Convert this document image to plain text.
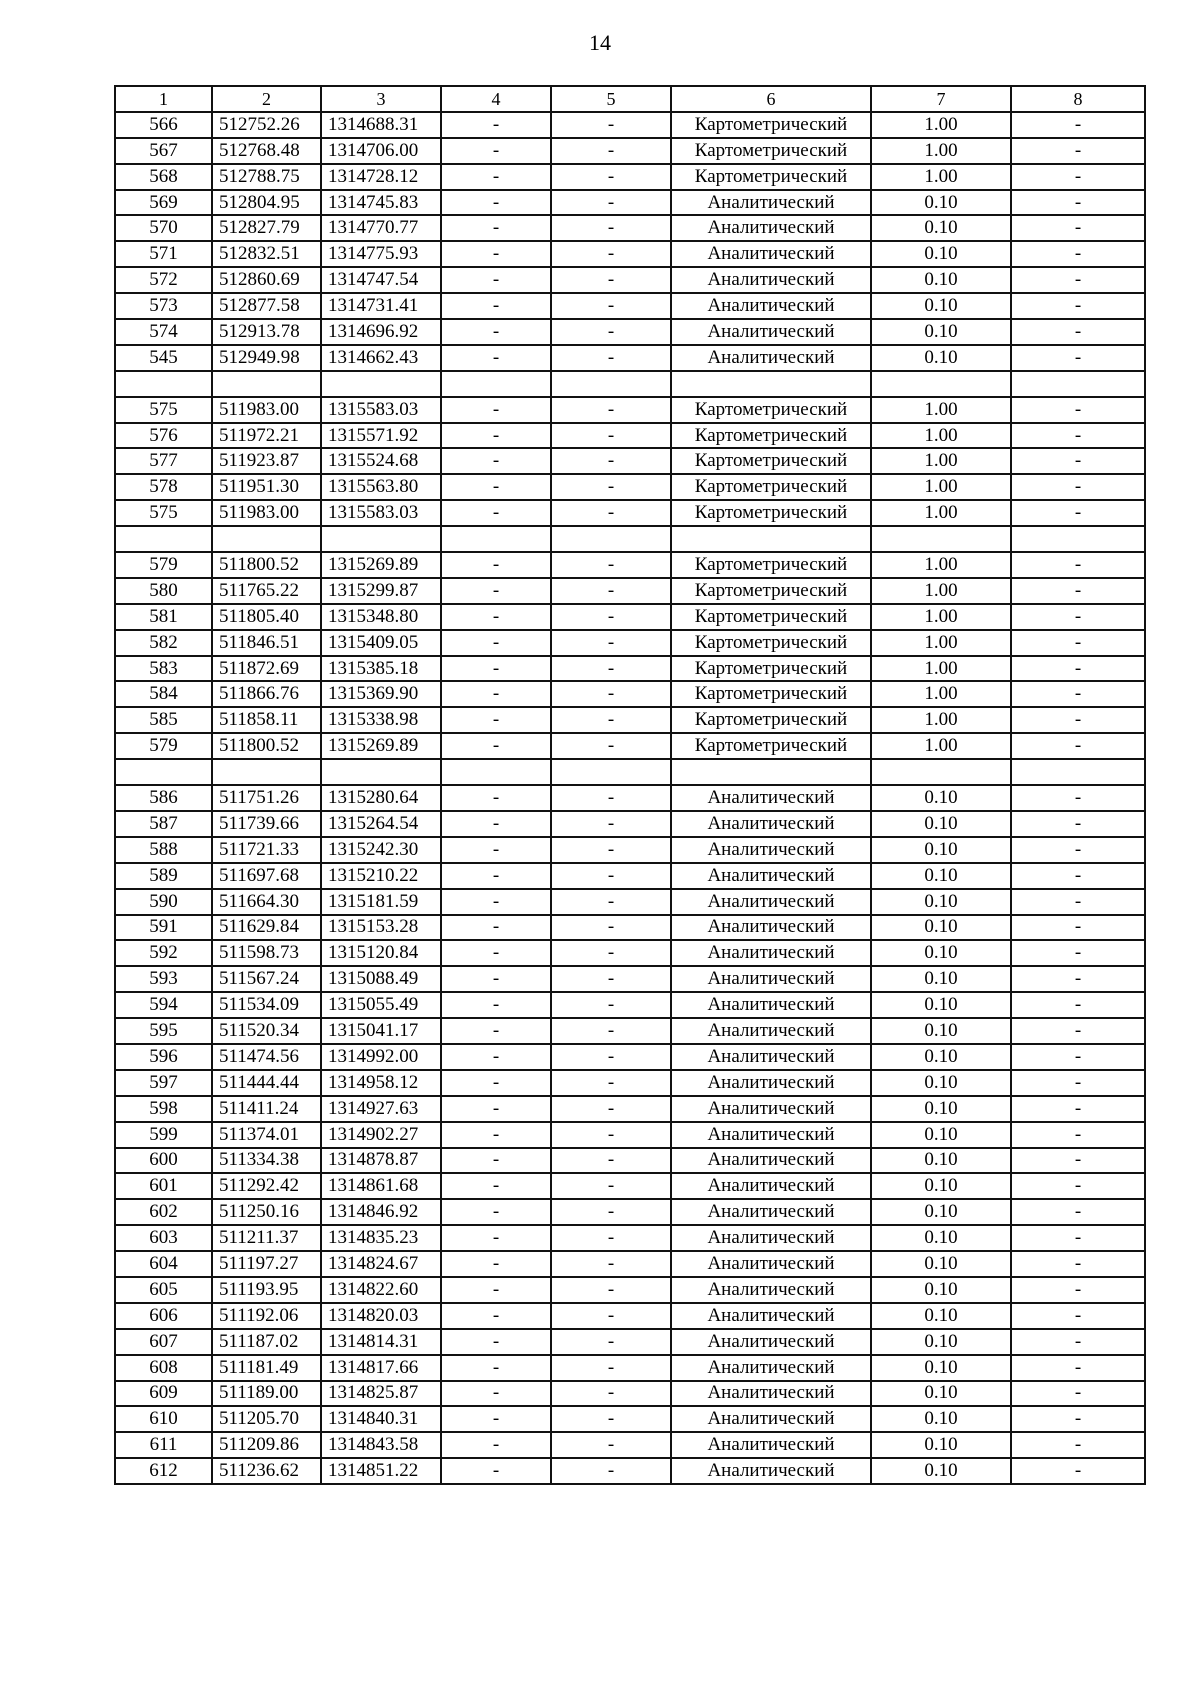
14
1	2	3	4	5	6	7	8
566	512752.26	1314688.31	-	-	Картометрический	1.00	-
567	512768.48	1314706.00	-	-	Картометрический	1.00	-
568	512788.75	1314728.12	-	-	Картометрический	1.00	-
569	512804.95	1314745.83	-	-	Аналитический	0.10	-
570	512827.79	1314770.77	-	-	Аналитический	0.10	-
571	512832.51	1314775.93	-	-	Аналитический	0.10	-
572	512860.69	1314747.54	-	-	Аналитический	0.10	-
573	512877.58	1314731.41	-	-	Аналитический	0.10	-
574	512913.78	1314696.92	-	-	Аналитический	0.10	-
545	512949.98	1314662.43	-	-	Аналитический	0.10	-

575	511983.00	1315583.03	-	-	Картометрический	1.00	-
576	511972.21	1315571.92	-	-	Картометрический	1.00	-
577	511923.87	1315524.68	-	-	Картометрический	1.00	-
578	511951.30	1315563.80	-	-	Картометрический	1.00	-
575	511983.00	1315583.03	-	-	Картометрический	1.00	-

579	511800.52	1315269.89	-	-	Картометрический	1.00	-
580	511765.22	1315299.87	-	-	Картометрический	1.00	-
581	511805.40	1315348.80	-	-	Картометрический	1.00	-
582	511846.51	1315409.05	-	-	Картометрический	1.00	-
583	511872.69	1315385.18	-	-	Картометрический	1.00	-
584	511866.76	1315369.90	-	-	Картометрический	1.00	-
585	511858.11	1315338.98	-	-	Картометрический	1.00	-
579	511800.52	1315269.89	-	-	Картометрический	1.00	-

586	511751.26	1315280.64	-	-	Аналитический	0.10	-
587	511739.66	1315264.54	-	-	Аналитический	0.10	-
588	511721.33	1315242.30	-	-	Аналитический	0.10	-
589	511697.68	1315210.22	-	-	Аналитический	0.10	-
590	511664.30	1315181.59	-	-	Аналитический	0.10	-
591	511629.84	1315153.28	-	-	Аналитический	0.10	-
592	511598.73	1315120.84	-	-	Аналитический	0.10	-
593	511567.24	1315088.49	-	-	Аналитический	0.10	-
594	511534.09	1315055.49	-	-	Аналитический	0.10	-
595	511520.34	1315041.17	-	-	Аналитический	0.10	-
596	511474.56	1314992.00	-	-	Аналитический	0.10	-
597	511444.44	1314958.12	-	-	Аналитический	0.10	-
598	511411.24	1314927.63	-	-	Аналитический	0.10	-
599	511374.01	1314902.27	-	-	Аналитический	0.10	-
600	511334.38	1314878.87	-	-	Аналитический	0.10	-
601	511292.42	1314861.68	-	-	Аналитический	0.10	-
602	511250.16	1314846.92	-	-	Аналитический	0.10	-
603	511211.37	1314835.23	-	-	Аналитический	0.10	-
604	511197.27	1314824.67	-	-	Аналитический	0.10	-
605	511193.95	1314822.60	-	-	Аналитический	0.10	-
606	511192.06	1314820.03	-	-	Аналитический	0.10	-
607	511187.02	1314814.31	-	-	Аналитический	0.10	-
608	511181.49	1314817.66	-	-	Аналитический	0.10	-
609	511189.00	1314825.87	-	-	Аналитический	0.10	-
610	511205.70	1314840.31	-	-	Аналитический	0.10	-
611	511209.86	1314843.58	-	-	Аналитический	0.10	-
612	511236.62	1314851.22	-	-	Аналитический	0.10	-
